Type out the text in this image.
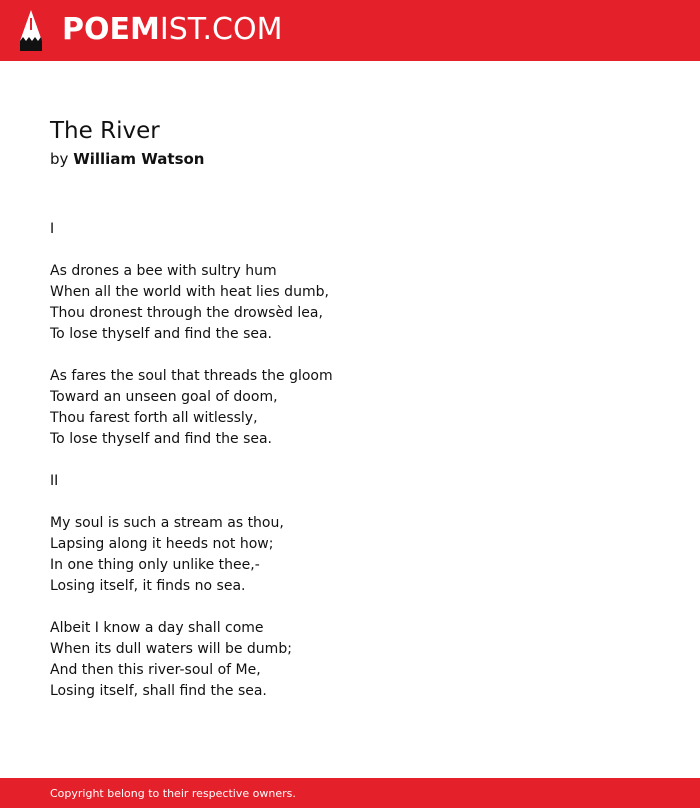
POEMIST.COM
The River
by William Watson
I
As drones a bee with sultry hum
When all the world with heat lies dumb,
Thou dronest through the drowsèd lea,
To lose thyself and find the sea.
As fares the soul that threads the gloom
Toward an unseen goal of doom,
Thou farest forth all witlessly,
To lose thyself and find the sea.
II
My soul is such a stream as thou,
Lapsing along it heeds not how;
In one thing only unlike thee,-
Losing itself, it finds no sea.
Albeit I know a day shall come
When its dull waters will be dumb;
And then this river-soul of Me,
Losing itself, shall find the sea.
Copyright belong to their respective owners.
